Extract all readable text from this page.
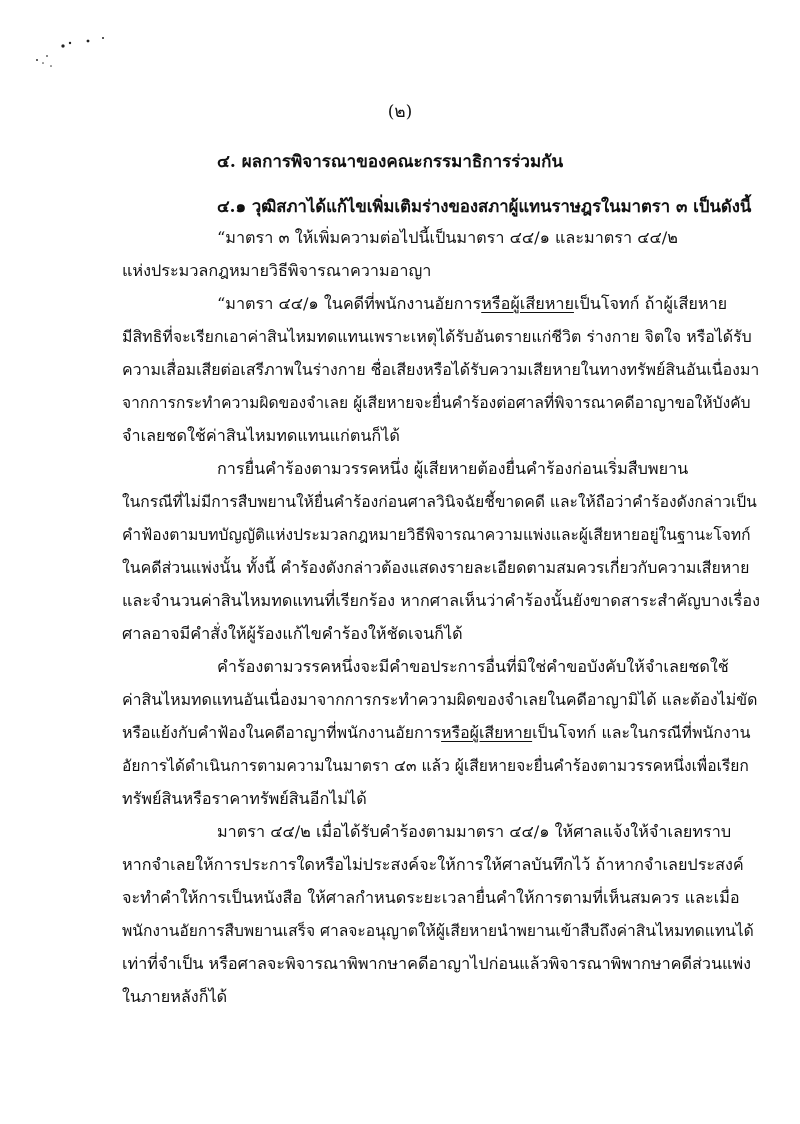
(๒)
๔. ผลการพิจารณาของคณะกรรมาธิการร่วมกัน
๔.๑ วุฒิสภาได้แก้ไขเพิ่มเติมร่างของสภาผู้แทนราษฎรในมาตรา ๓ เป็นดังนี้
“มาตรา ๓ ให้เพิ่มความต่อไปนี้เป็นมาตรา ๔๔/๑ และมาตรา ๔๔/๒
แห่งประมวลกฎหมายวิธีพิจารณาความอาญา
“มาตรา ๔๔/๑ ในคดีที่พนักงานอัยการหรือผู้เสียหายเป็นโจทก์ ถ้าผู้เสียหาย
มีสิทธิที่จะเรียกเอาค่าสินไหมทดแทนเพราะเหตุได้รับอันตรายแก่ชีวิต ร่างกาย จิตใจ หรือได้รับ
ความเสื่อมเสียต่อเสรีภาพในร่างกาย ชื่อเสียงหรือได้รับความเสียหายในทางทรัพย์สินอันเนื่องมา
จากการกระทำความผิดของจำเลย ผู้เสียหายจะยื่นคำร้องต่อศาลที่พิจารณาคดีอาญาขอให้บังคับ
จำเลยชดใช้ค่าสินไหมทดแทนแก่ตนก็ได้
การยื่นคำร้องตามวรรคหนึ่ง ผู้เสียหายต้องยื่นคำร้องก่อนเริ่มสืบพยาน
ในกรณีที่ไม่มีการสืบพยานให้ยื่นคำร้องก่อนศาลวินิจฉัยชี้ขาดคดี และให้ถือว่าคำร้องดังกล่าวเป็น
คำฟ้องตามบทบัญญัติแห่งประมวลกฎหมายวิธีพิจารณาความแพ่งและผู้เสียหายอยู่ในฐานะโจทก์
ในคดีส่วนแพ่งนั้น ทั้งนี้ คำร้องดังกล่าวต้องแสดงรายละเอียดตามสมควรเกี่ยวกับความเสียหาย
และจำนวนค่าสินไหมทดแทนที่เรียกร้อง หากศาลเห็นว่าคำร้องนั้นยังขาดสาระสำคัญบางเรื่อง
ศาลอาจมีคำสั่งให้ผู้ร้องแก้ไขคำร้องให้ชัดเจนก็ได้
คำร้องตามวรรคหนึ่งจะมีคำขอประการอื่นที่มิใช่คำขอบังคับให้จำเลยชดใช้
ค่าสินไหมทดแทนอันเนื่องมาจากการกระทำความผิดของจำเลยในคดีอาญามิได้ และต้องไม่ขัด
หรือแย้งกับคำฟ้องในคดีอาญาที่พนักงานอัยการหรือผู้เสียหายเป็นโจทก์ และในกรณีที่พนักงาน
อัยการได้ดำเนินการตามความในมาตรา ๔๓ แล้ว ผู้เสียหายจะยื่นคำร้องตามวรรคหนึ่งเพื่อเรียก
ทรัพย์สินหรือราคาทรัพย์สินอีกไม่ได้
มาตรา ๔๔/๒ เมื่อได้รับคำร้องตามมาตรา ๔๔/๑ ให้ศาลแจ้งให้จำเลยทราบ
หากจำเลยให้การประการใดหรือไม่ประสงค์จะให้การให้ศาลบันทึกไว้ ถ้าหากจำเลยประสงค์
จะทำคำให้การเป็นหนังสือ ให้ศาลกำหนดระยะเวลายื่นคำให้การตามที่เห็นสมควร และเมื่อ
พนักงานอัยการสืบพยานเสร็จ ศาลจะอนุญาตให้ผู้เสียหายนำพยานเข้าสืบถึงค่าสินไหมทดแทนได้
เท่าที่จำเป็น หรือศาลจะพิจารณาพิพากษาคดีอาญาไปก่อนแล้วพิจารณาพิพากษาคดีส่วนแพ่ง
ในภายหลังก็ได้
